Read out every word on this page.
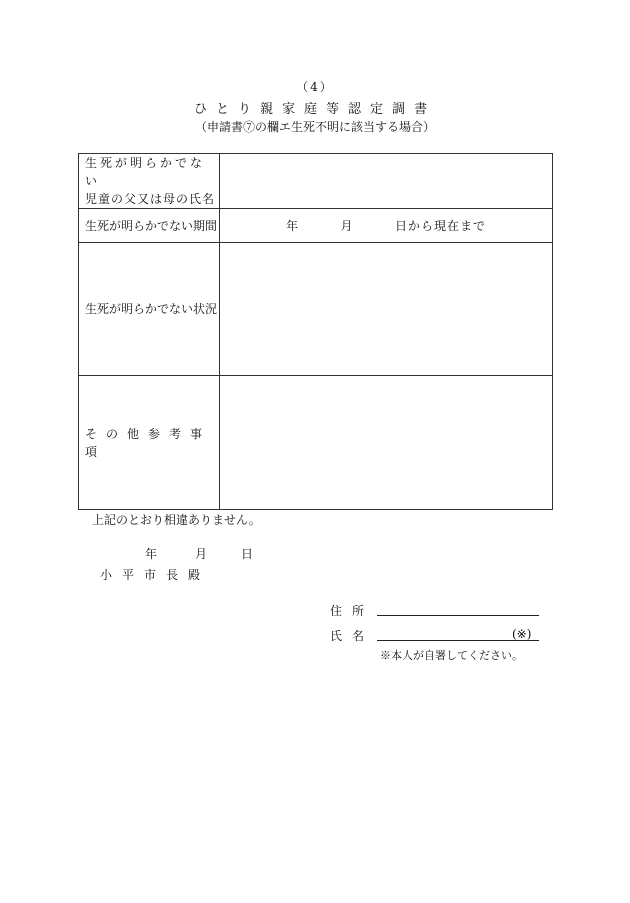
（4）
ひとり親家庭等認定調書
（申請書⑦の欄エ生死不明に該当する場合）
生死が明らかでない
児童の父又は母の氏名	

生死が明らかでない期間	年 月 日から現在まで

生死が明らかでない状況	
その他参考事項	
上記のとおり相違ありません。
年	月	日
小平市長殿
住所
氏名	(※)
※本人が自署してください。
